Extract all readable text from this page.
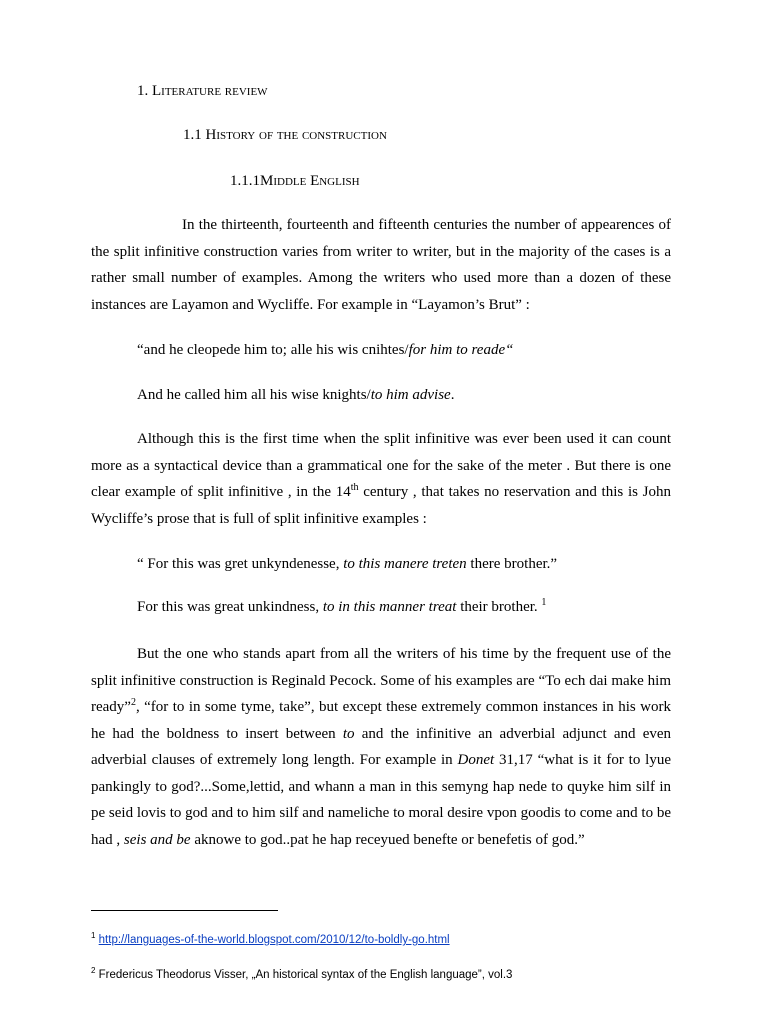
1. Literature review
1.1 History of the construction
1.1.1Middle English
In the thirteenth, fourteenth and fifteenth centuries the number of appearences of the split infinitive construction varies from writer to writer, but in the majority of the cases is a rather small number of examples. Among the writers who used more than a dozen of these instances are Layamon and Wycliffe. For example in “Layamon’s Brut” :
“and he cleopede him to; alle his wis cnihtes/for him to reade“
And he called him all his wise knights/to him advise.
Although this is the first time when the split infinitive was ever been used it can count more as a syntactical device than a grammatical one for the sake of the meter . But there is one clear example of split infinitive , in the 14th century , that takes no reservation and this is John Wycliffe’s prose that is full of split infinitive examples :
“ For this was gret unkyndenesse, to this manere treten there brother.”
For this was great unkindness, to in this manner treat their brother. $^1$
But the one who stands apart from all the writers of his time by the frequent use of the split infinitive construction is Reginald Pecock. Some of his examples are “To ech dai make him ready”$^2$, “for to in some tyme, take”, but except these extremely common instances in his work he had the boldness to insert between to and the infinitive an adverbial adjunct and even adverbial clauses of extremely long length. For example in Donet 31,17 “what is it for to lyue pankingly to god?...Some,lettid, and whann a man in this semyng hap nede to quyke him silf in pe seid lovis to god and to him silf and nameliche to moral desire vpon goodis to come and to be had , seis and be aknowe to god..pat he hap receyued benefte or benefetis of god.”
$^1$ http://languages-of-the-world.blogspot.com/2010/12/to-boldly-go.html
$^2$ Fredericus Theodorus Visser, „An historical syntax of the English language”, vol.3
